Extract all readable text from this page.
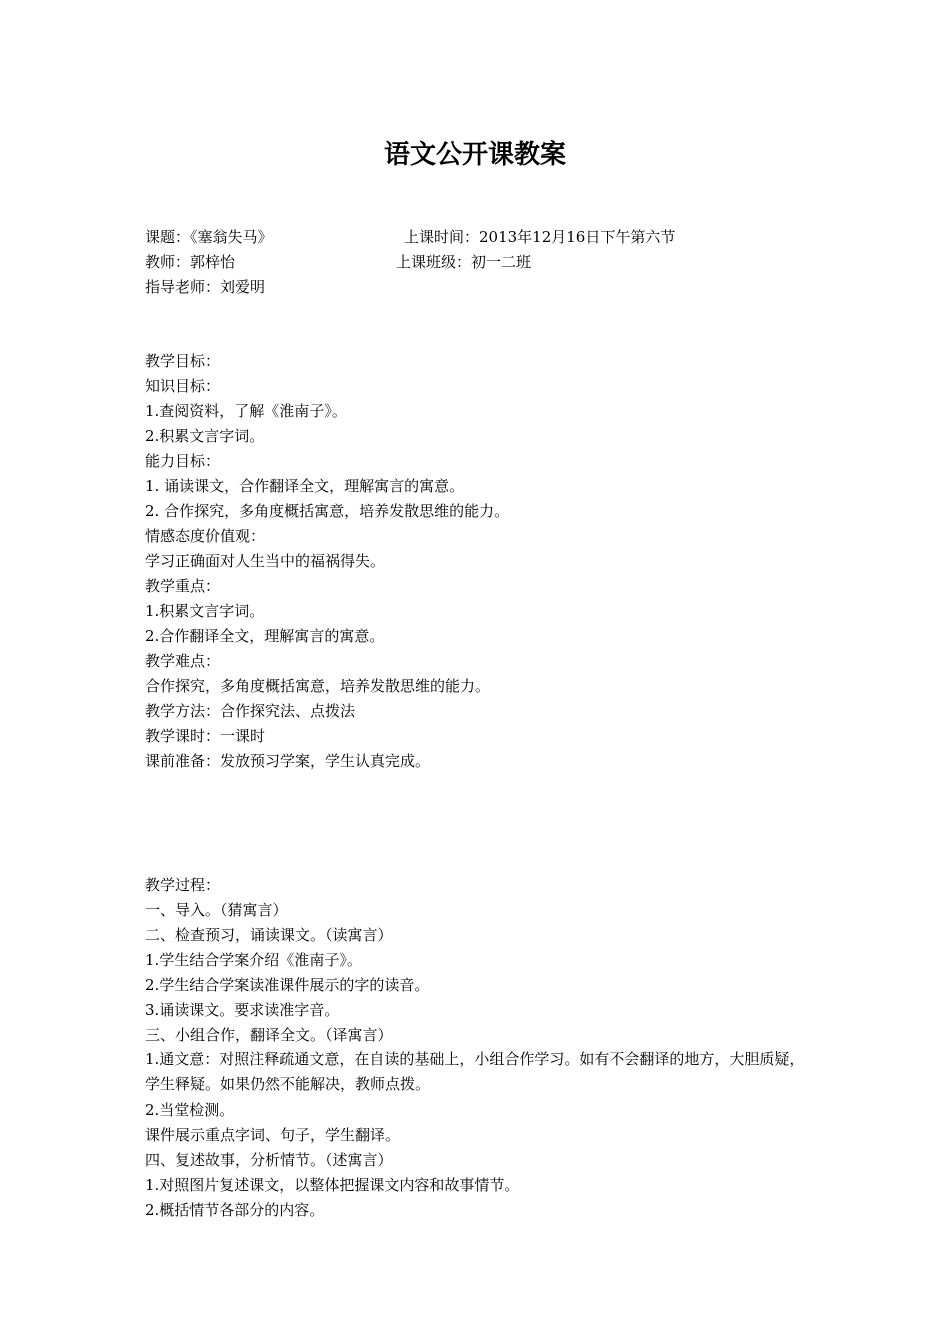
语文公开课教案
课题：《塞翁失马》	上课时间：2013年12月16日下午第六节
教师：郭梓怡	上课班级：初一二班
指导老师：刘爱明
教学目标：
知识目标：
1.查阅资料，了解《淮南子》。
2.积累文言字词。
能力目标：
1. 诵读课文，合作翻译全文，理解寓言的寓意。
2. 合作探究，多角度概括寓意，培养发散思维的能力。
情感态度价值观：
学习正确面对人生当中的福祸得失。
教学重点：
1.积累文言字词。
2.合作翻译全文，理解寓言的寓意。
教学难点：
合作探究，多角度概括寓意，培养发散思维的能力。
教学方法：合作探究法、点拨法
教学课时：一课时
课前准备：发放预习学案，学生认真完成。
教学过程：
一、导入。（猜寓言）
二、检查预习，诵读课文。（读寓言）
1.学生结合学案介绍《淮南子》。
2.学生结合学案读准课件展示的字的读音。
3.诵读课文。要求读准字音。
三、小组合作，翻译全文。（译寓言）
1.通文意：对照注释疏通文意，在自读的基础上，小组合作学习。如有不会翻译的地方，大胆质疑，学生释疑。如果仍然不能解决，教师点拨。
2.当堂检测。
课件展示重点字词、句子，学生翻译。
四、复述故事，分析情节。（述寓言）
1.对照图片复述课文，以整体把握课文内容和故事情节。
2.概括情节各部分的内容。
